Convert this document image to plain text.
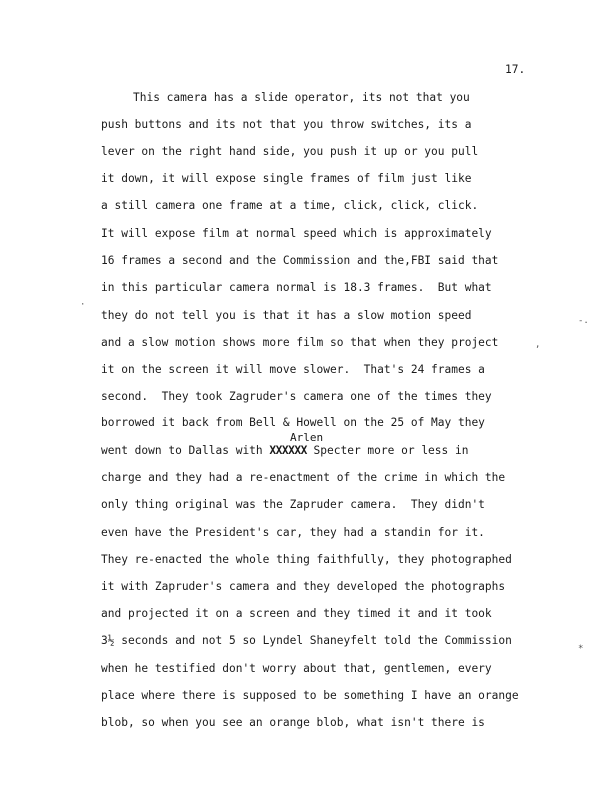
17.
This camera has a slide operator, its not that you
push buttons and its not that you throw switches, its a
lever on the right hand side, you push it up or you pull
it down, it will expose single frames of film just like
a still camera one frame at a time, click, click, click.
It will expose film at normal speed which is approximately
16 frames a second and the Commission and the,FBI said that
in this particular camera normal is 18.3 frames.  But what
they do not tell you is that it has a slow motion speed
and a slow motion shows more film so that when they project
it on the screen it will move slower.  That's 24 frames a
second.  They took Zagruder's camera one of the times they
borrowed it back from Bell & Howell on the 25 of May they
Arlen
went down to Dallas with XXXXXX Specter more or less in
charge and they had a re-enactment of the crime in which the
only thing original was the Zapruder camera.  They didn't
even have the President's car, they had a standin for it.
They re-enacted the whole thing faithfully, they photographed
it with Zapruder's camera and they developed the photographs
and projected it on a screen and they timed it and it took
3½ seconds and not 5 so Lyndel Shaneyfelt told the Commission
when he testified don't worry about that, gentlemen, every
place where there is supposed to be something I have an orange
blob, so when you see an orange blob, what isn't there is
-.
*
,
·
